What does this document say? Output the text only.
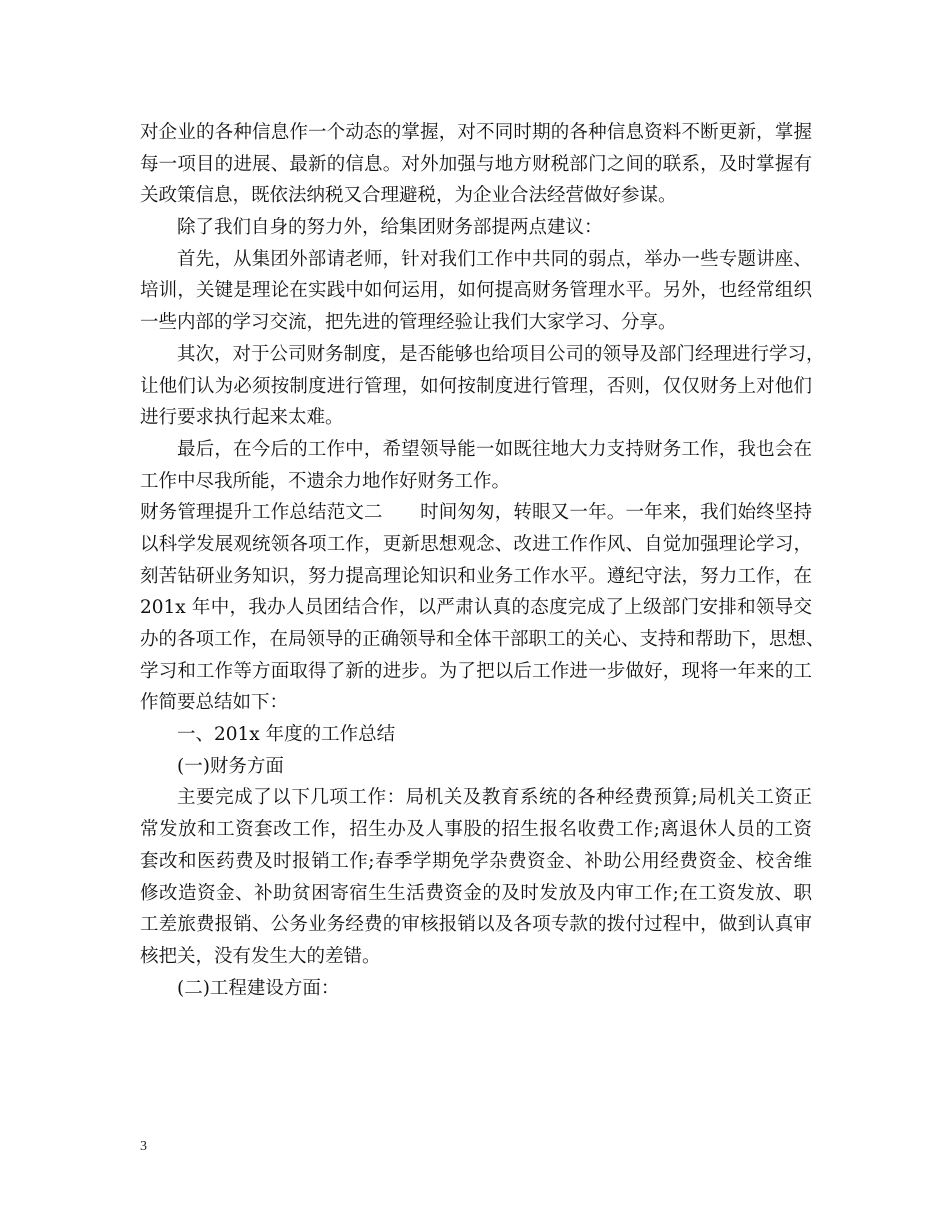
对企业的各种信息作一个动态的掌握，对不同时期的各种信息资料不断更新，掌握
每一项目的进展、最新的信息。对外加强与地方财税部门之间的联系，及时掌握有
关政策信息，既依法纳税又合理避税，为企业合法经营做好参谋。
除了我们自身的努力外，给集团财务部提两点建议：
首先，从集团外部请老师，针对我们工作中共同的弱点，举办一些专题讲座、
培训，关键是理论在实践中如何运用，如何提高财务管理水平。另外，也经常组织
一些内部的学习交流，把先进的管理经验让我们大家学习、分享。
其次，对于公司财务制度，是否能够也给项目公司的领导及部门经理进行学习，
让他们认为必须按制度进行管理，如何按制度进行管理，否则，仅仅财务上对他们
进行要求执行起来太难。
最后，在今后的工作中，希望领导能一如既往地大力支持财务工作，我也会在
工作中尽我所能，不遗余力地作好财务工作。
财务管理提升工作总结范文二　　时间匆匆，转眼又一年。一年来，我们始终坚持
以科学发展观统领各项工作，更新思想观念、改进工作作风、自觉加强理论学习，
刻苦钻研业务知识，努力提高理论知识和业务工作水平。遵纪守法，努力工作，在
201x 年中，我办人员团结合作，以严肃认真的态度完成了上级部门安排和领导交
办的各项工作，在局领导的正确领导和全体干部职工的关心、支持和帮助下，思想、
学习和工作等方面取得了新的进步。为了把以后工作进一步做好，现将一年来的工
作简要总结如下：
一、201x 年度的工作总结
(一)财务方面
主要完成了以下几项工作：局机关及教育系统的各种经费预算;局机关工资正
常发放和工资套改工作，招生办及人事股的招生报名收费工作;离退休人员的工资
套改和医药费及时报销工作;春季学期免学杂费资金、补助公用经费资金、校舍维
修改造资金、补助贫困寄宿生生活费资金的及时发放及内审工作;在工资发放、职
工差旅费报销、公务业务经费的审核报销以及各项专款的拨付过程中，做到认真审
核把关，没有发生大的差错。
(二)工程建设方面：
3
